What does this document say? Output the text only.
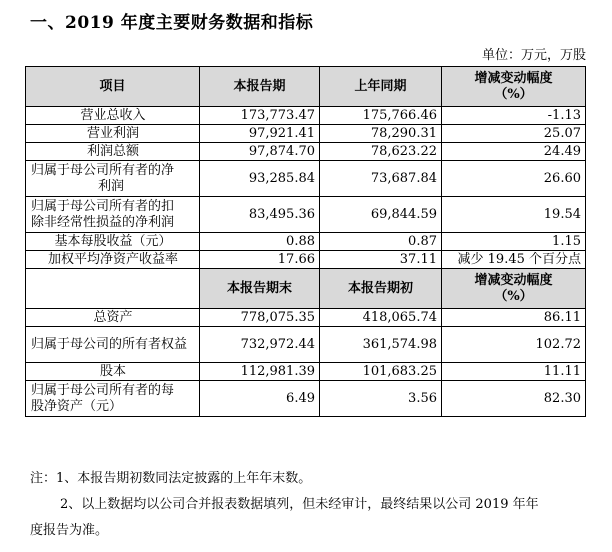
一、2019 年度主要财务数据和指标
单位：万元，万股
项目	本报告期	上年同期	增减变动幅度
（%）

营业总收入	173,773.47	175,766.46	-1.13
营业利润	97,921.41	78,290.31	25.07
利润总额	97,874.70	78,623.22	24.49

归属于母公司所有者的净
利润	93,285.84	73,687.84	26.60

归属于母公司所有者的扣
除非经常性损益的净利润	83,495.36	69,844.59	19.54
基本每股收益（元）	0.88	0.87	1.15
加权平均净资产收益率	17.66	37.11	减少 19.45 个百分点
	本报告期末	本报告期初	增减变动幅度
（%）

总资产	778,075.35	418,065.74	86.11
归属于母公司的所有者权益	732,972.44	361,574.98	102.72
股本	112,981.39	101,683.25	11.11

归属于母公司所有者的每
股净资产（元）	6.49	3.56	82.30
注：1、本报告期初数同法定披露的上年年末数。
2、以上数据均以公司合并报表数据填列，但未经审计，最终结果以公司 2019 年年
度报告为准。
